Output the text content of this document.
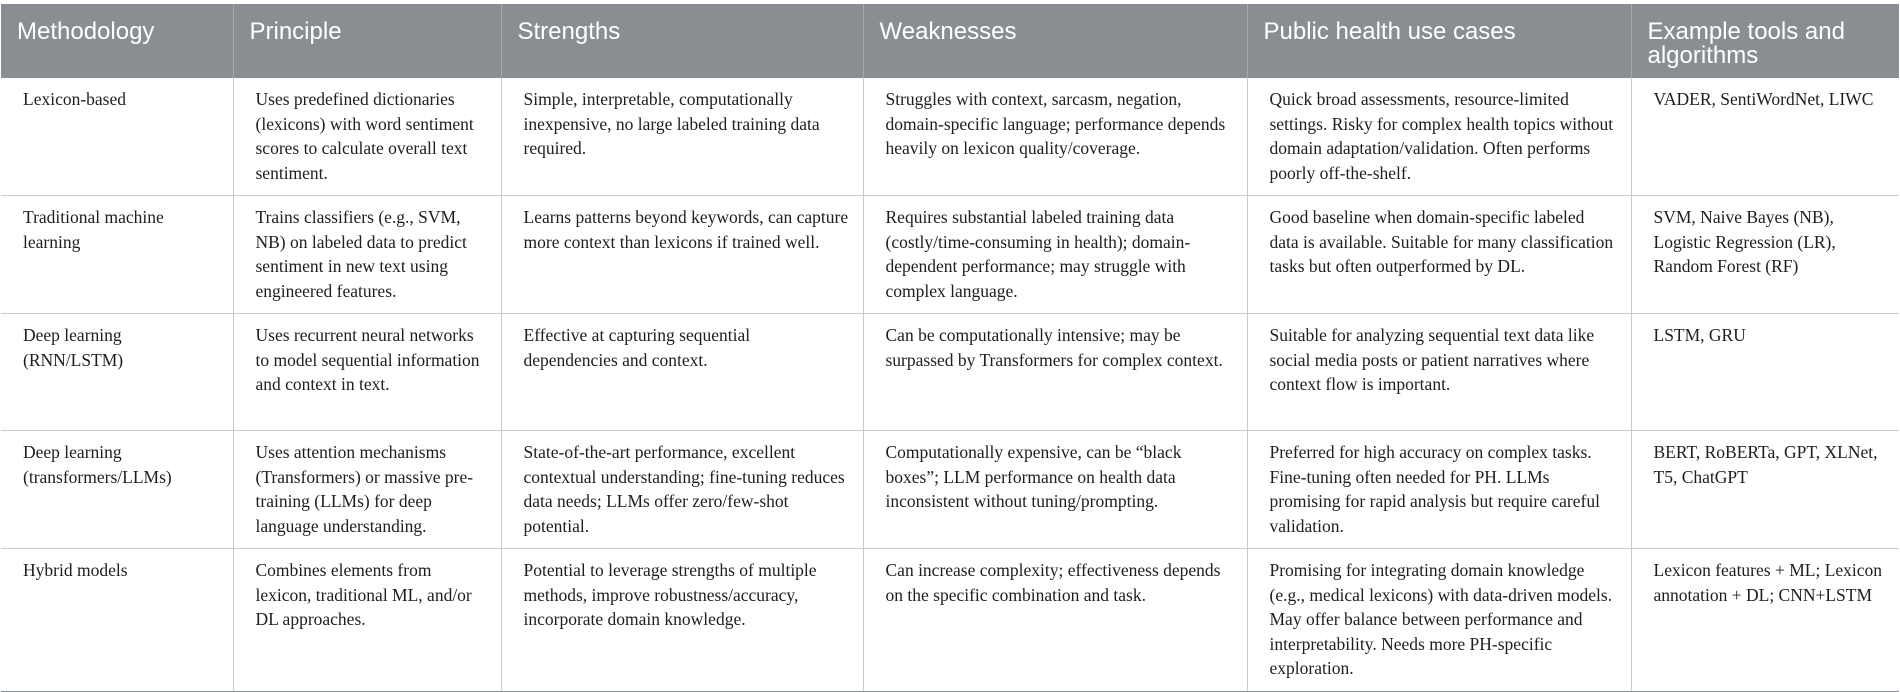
Methodology	Principle	Strengths	Weaknesses	Public health use cases	Example tools and algorithms
Lexicon-based	Uses predefined dictionaries (lexicons) with word sentiment scores to calculate overall text sentiment.	Simple, interpretable, computationally inexpensive, no large labeled training data required.	Struggles with context, sarcasm, negation, domain-specific language; performance depends heavily on lexicon quality/coverage.	Quick broad assessments, resource-limited settings. Risky for complex health topics without domain adaptation/validation. Often performs poorly off-the-shelf.	VADER, SentiWordNet, LIWC
Traditional machine learning	Trains classifiers (e.g., SVM, NB) on labeled data to predict sentiment in new text using engineered features.	Learns patterns beyond keywords, can capture more context than lexicons if trained well.	Requires substantial labeled training data (costly/time-consuming in health); domain-dependent performance; may struggle with complex language.	Good baseline when domain-specific labeled data is available. Suitable for many classification tasks but often outperformed by DL.	SVM, Naive Bayes (NB), Logistic Regression (LR), Random Forest (RF)
Deep learning (RNN/LSTM)	Uses recurrent neural networks to model sequential information and context in text.	Effective at capturing sequential dependencies and context.	Can be computationally intensive; may be surpassed by Transformers for complex context.	Suitable for analyzing sequential text data like social media posts or patient narratives where context flow is important.	LSTM, GRU
Deep learning (transformers/LLMs)	Uses attention mechanisms (Transformers) or massive pre-training (LLMs) for deep language understanding.	State-of-the-art performance, excellent contextual understanding; fine-tuning reduces data needs; LLMs offer zero/few-shot potential.	Computationally expensive, can be “black boxes”; LLM performance on health data inconsistent without tuning/prompting.	Preferred for high accuracy on complex tasks. Fine-tuning often needed for PH. LLMs promising for rapid analysis but require careful validation.	BERT, RoBERTa, GPT, XLNet, T5, ChatGPT
Hybrid models	Combines elements from lexicon, traditional ML, and/or DL approaches.	Potential to leverage strengths of multiple methods, improve robustness/accuracy, incorporate domain knowledge.	Can increase complexity; effectiveness depends on the specific combination and task.	Promising for integrating domain knowledge (e.g., medical lexicons) with data-driven models. May offer balance between performance and interpretability. Needs more PH-specific exploration.	Lexicon features + ML; Lexicon annotation + DL; CNN+LSTM
